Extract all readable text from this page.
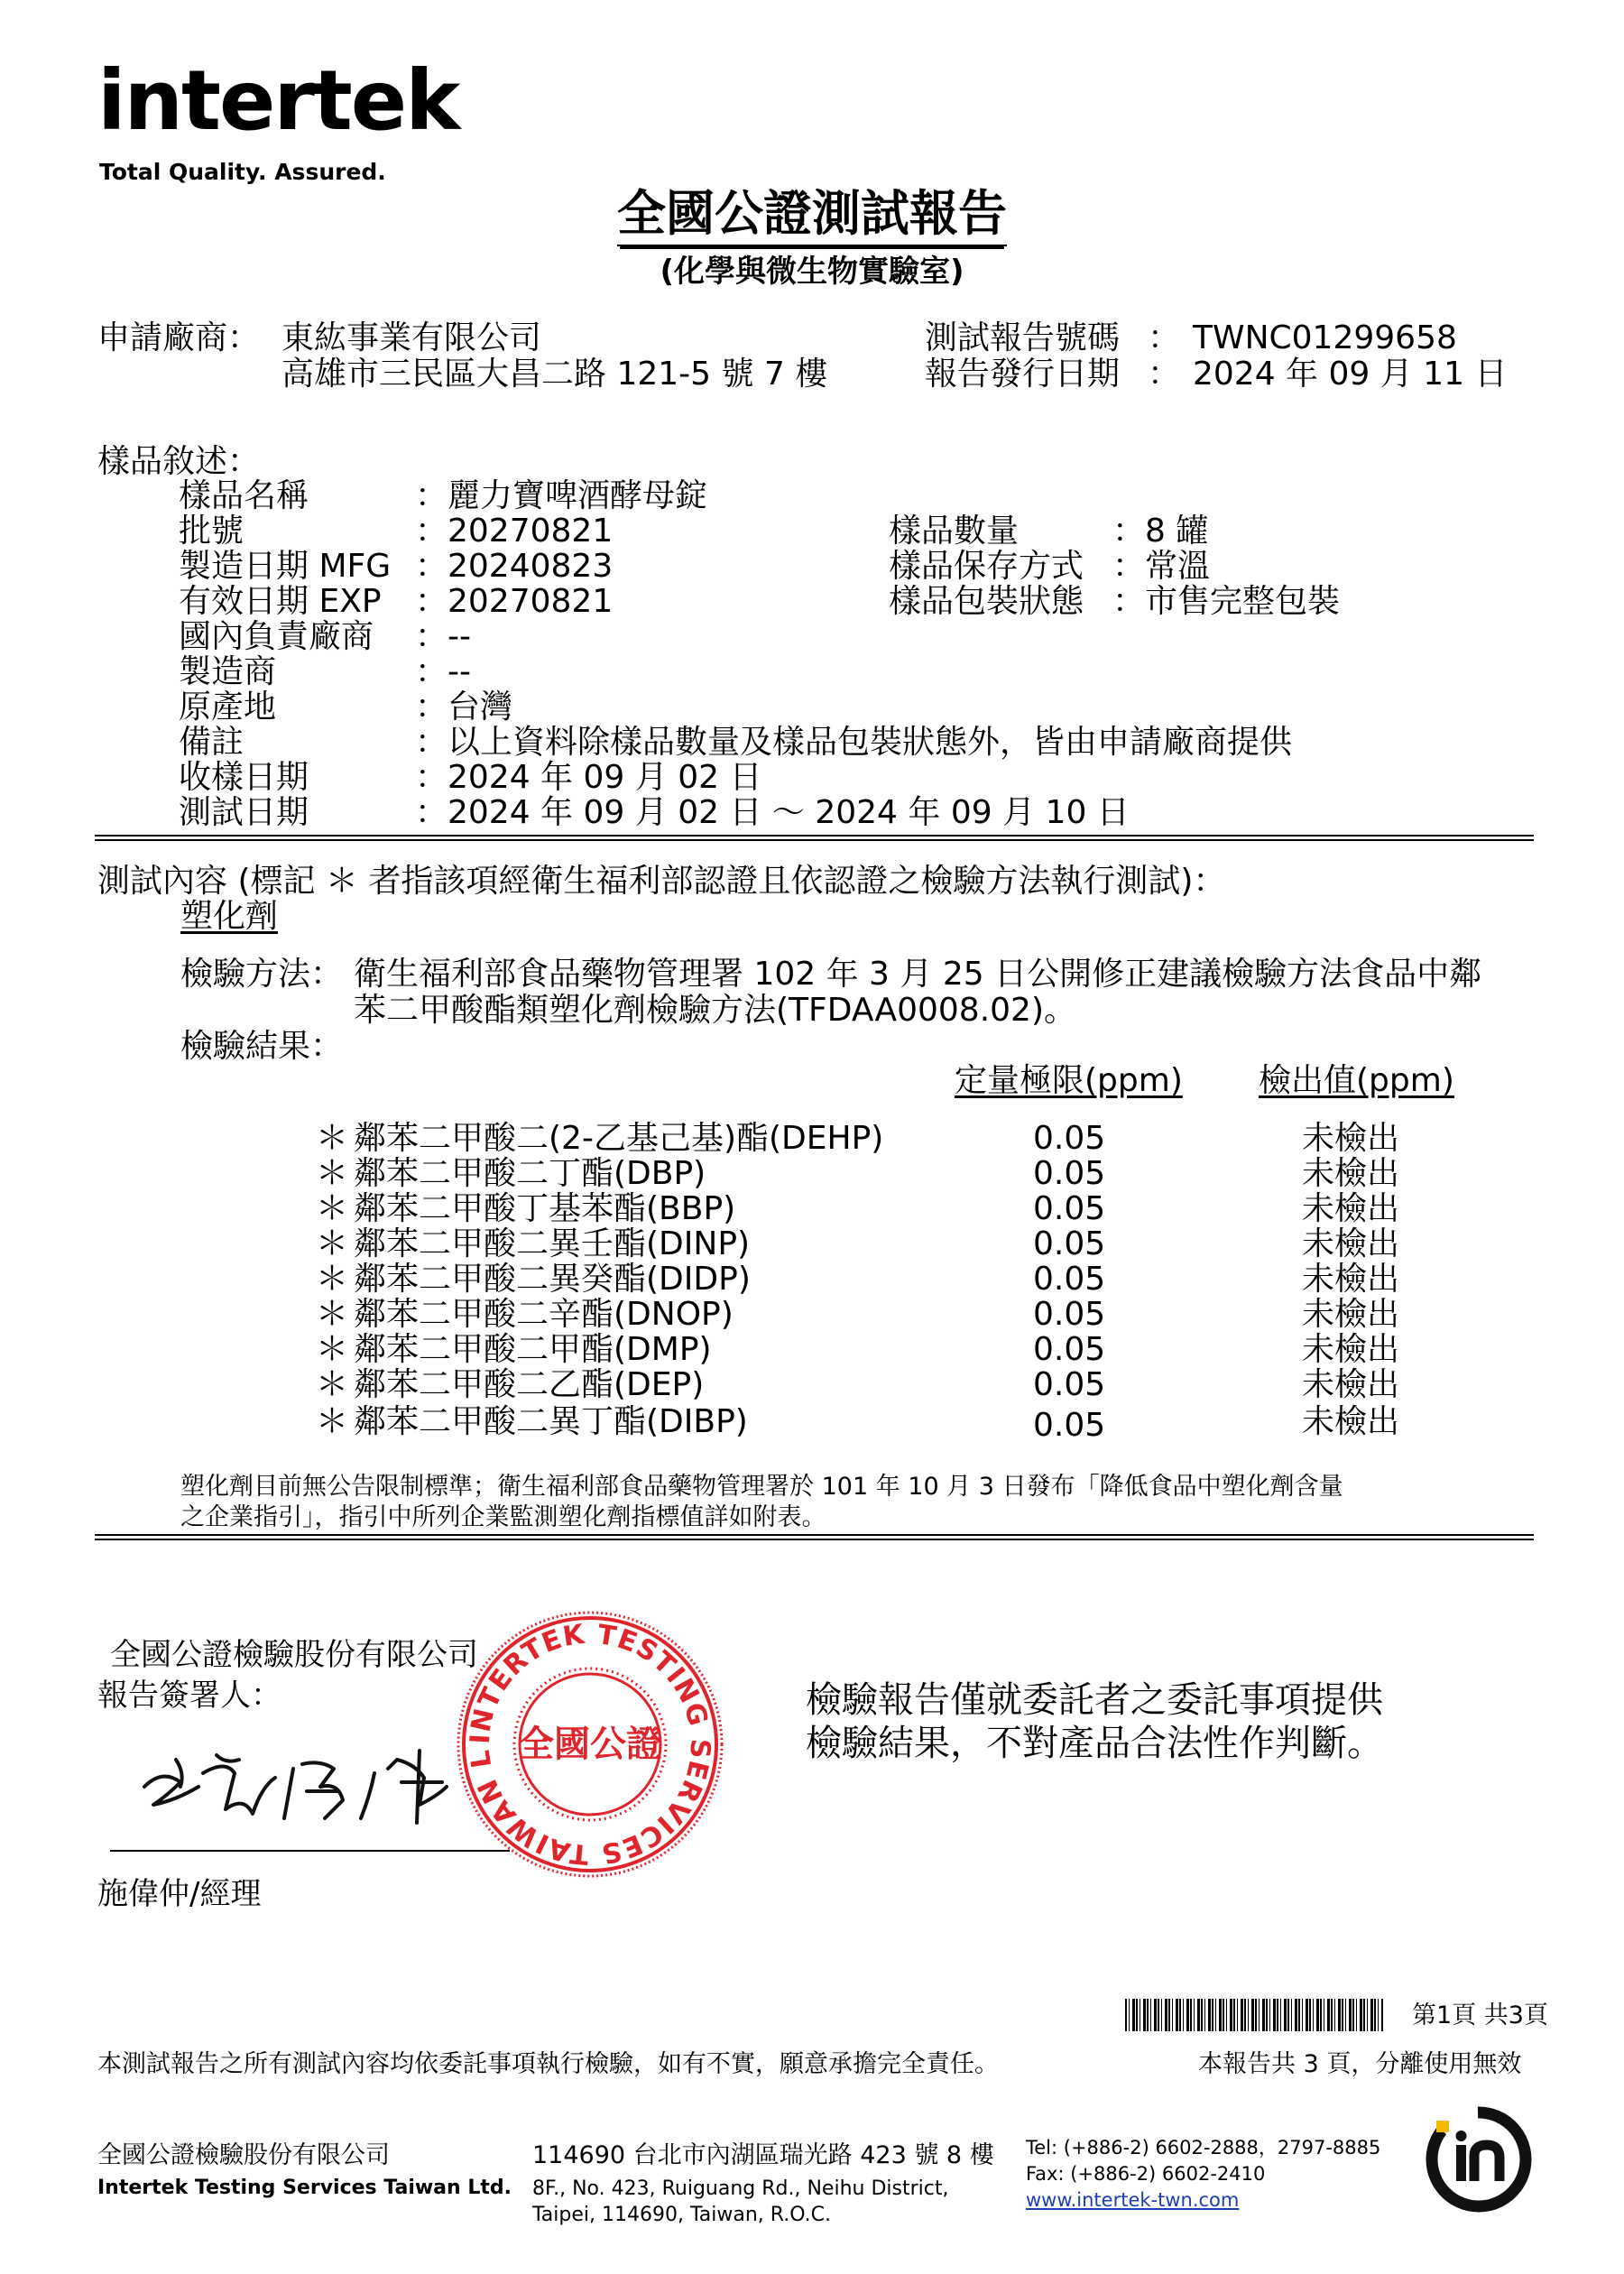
intertek
Total Quality. Assured.
全國公證測試報告
(化學與微生物實驗室)
申請廠商： 東紘事業有限公司
高雄市三民區大昌二路 121-5 號 7 樓
測試報告號碼 ： TWNC01299658
報告發行日期 ： 2024 年 09 月 11 日
樣品敘述：
樣品名稱	：麗力寶啤酒酵母錠
批號	：20270821
製造日期 MFG ：20240823
有效日期 EXP ：20270821
國內負責廠商 ：--
製造商	：--
原產地	：台灣
備註	：以上資料除樣品數量及樣品包裝狀態外，皆由申請廠商提供
收樣日期	：2024 年 09 月 02 日
測試日期	：2024 年 09 月 02 日 ～ 2024 年 09 月 10 日
樣品數量	：8 罐
樣品保存方式 ：常溫
樣品包裝狀態 ：市售完整包裝
測試內容 (標記 ＊ 者指該項經衛生福利部認證且依認證之檢驗方法執行測試)：
塑化劑
檢驗方法： 衛生福利部食品藥物管理署 102 年 3 月 25 日公開修正建議檢驗方法食品中鄰
苯二甲酸酯類塑化劑檢驗方法(TFDAA0008.02)。
檢驗結果：
定量極限(ppm) 檢出值(ppm)
＊ 鄰苯二甲酸二(2-乙基己基)酯(DEHP)	0.05	未檢出
＊ 鄰苯二甲酸二丁酯(DBP)	0.05	未檢出
＊ 鄰苯二甲酸丁基苯酯(BBP)	0.05	未檢出
＊ 鄰苯二甲酸二異壬酯(DINP)	0.05	未檢出
＊ 鄰苯二甲酸二異癸酯(DIDP)	0.05	未檢出
＊ 鄰苯二甲酸二辛酯(DNOP)	0.05	未檢出
＊ 鄰苯二甲酸二甲酯(DMP)	0.05	未檢出
＊ 鄰苯二甲酸二乙酯(DEP)	0.05	未檢出
＊ 鄰苯二甲酸二異丁酯(DIBP)	0.05	未檢出
塑化劑目前無公告限制標準；衛生福利部食品藥物管理署於 101 年 10 月 3 日發布「降低食品中塑化劑含量
之企業指引」，指引中所列企業監測塑化劑指標值詳如附表。
全國公證檢驗股份有限公司
報告簽署人：
施偉仲/經理
INTERTEK TESTING SERVICES TAIWAN L 全國公證
檢驗報告僅就委託者之委託事項提供
檢驗結果，不對產品合法性作判斷。
第1頁 共3頁
本測試報告之所有測試內容均依委託事項執行檢驗，如有不實，願意承擔完全責任。	本報告共 3 頁，分離使用無效
全國公證檢驗股份有限公司
Intertek Testing Services Taiwan Ltd.
114690 台北市內湖區瑞光路 423 號 8 樓
8F., No. 423, Ruiguang Rd., Neihu District,
Taipei, 114690, Taiwan, R.O.C.
Tel: (+886-2) 6602-2888，2797-8885
Fax: (+886-2) 6602-2410
www.intertek-twn.com
